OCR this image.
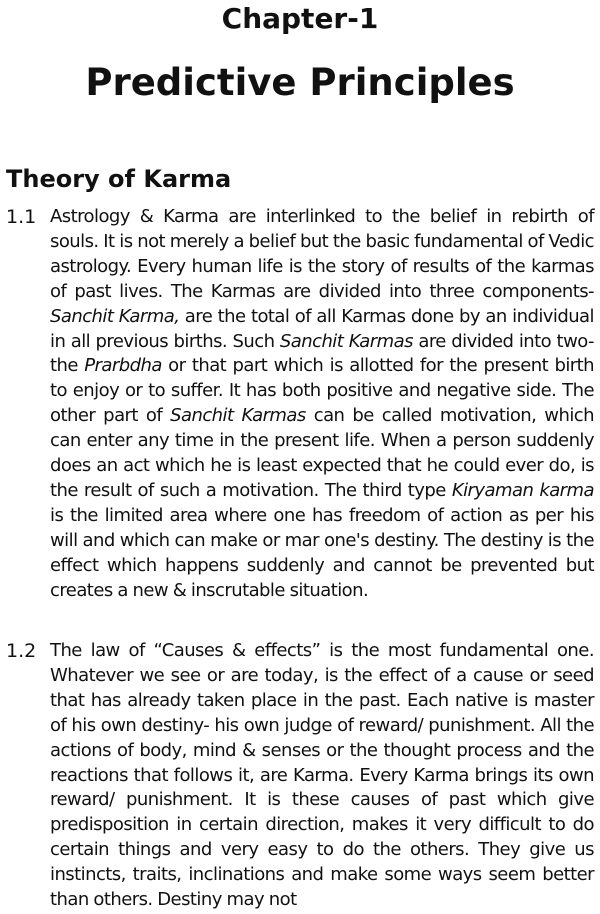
Chapter-1
Predictive Principles
Theory of Karma
1.1 Astrology & Karma are interlinked to the belief in rebirth of souls. It is not merely a belief but the basic fundamental of Vedic astrology. Every human life is the story of results of the karmas of past lives. The Karmas are divided into three components- Sanchit Karma, are the total of all Karmas done by an individual in all previous births. Such Sanchit Karmas are divided into two- the Prarbdha or that part which is allotted for the present birth to enjoy or to suffer. It has both positive and negative side. The other part of Sanchit Karmas can be called motivation, which can enter any time in the present life. When a person suddenly does an act which he is least expected that he could ever do, is the result of such a motivation. The third type Kiryaman karma is the limited area where one has freedom of action as per his will and which can make or mar one's destiny. The destiny is the effect which happens suddenly and cannot be prevented but creates a new & inscrutable situation.

1.2 The law of “Causes & effects” is the most fundamental one. Whatever we see or are today, is the effect of a cause or seed that has already taken place in the past. Each native is master of his own destiny- his own judge of reward/ punishment. All the actions of body, mind & senses or the thought process and the reactions that follows it, are Karma. Every Karma brings its own reward/ punishment. It is these causes of past which give predisposition in certain direction, makes it very difficult to do certain things and very easy to do the others. They give us instincts, traits, inclinations and make some ways seem better than others. Destiny may not
